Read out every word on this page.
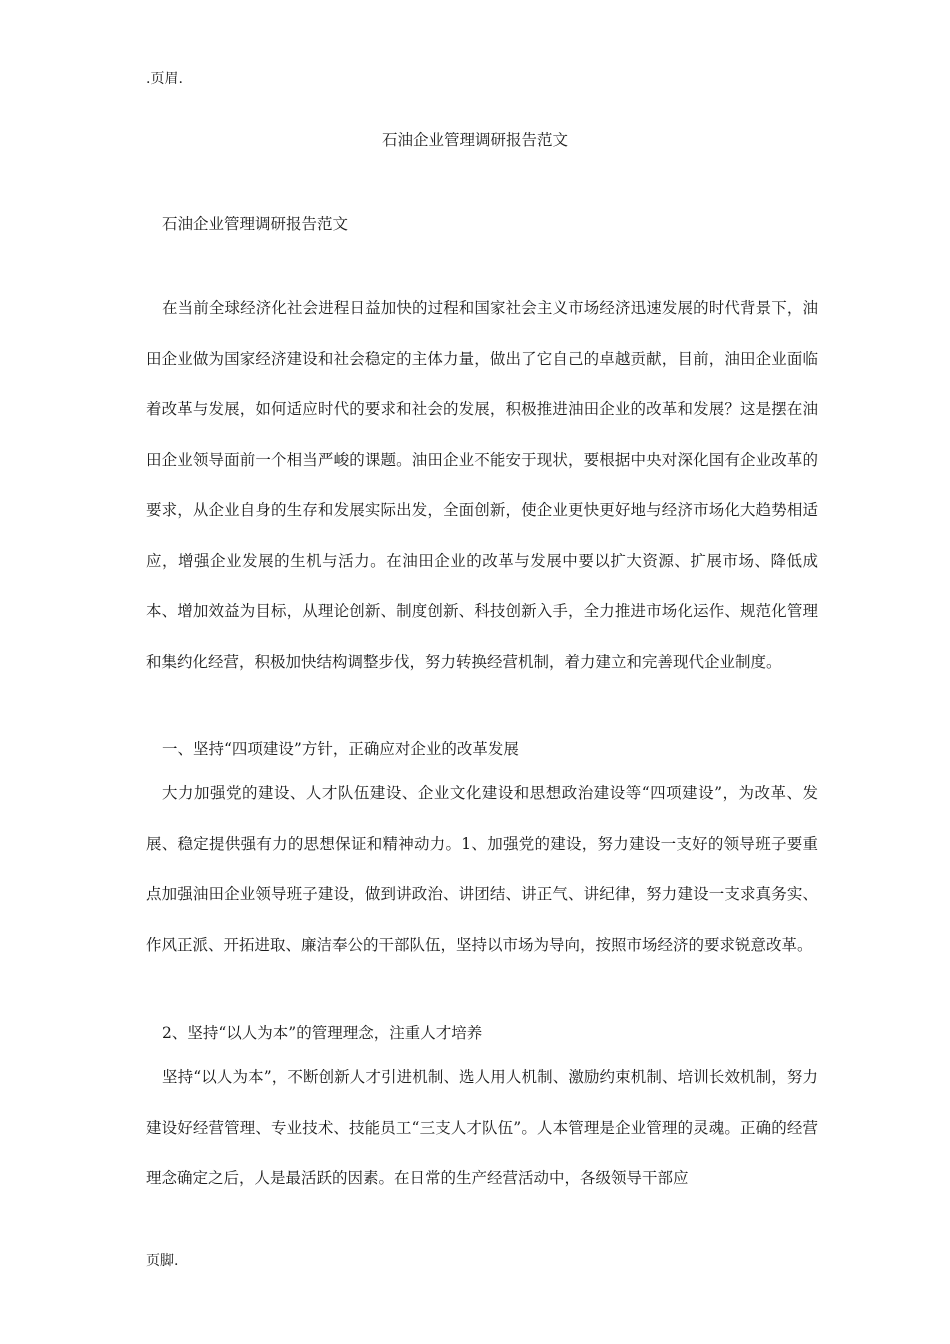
.页眉.
石油企业管理调研报告范文
石油企业管理调研报告范文

在当前全球经济化社会进程日益加快的过程和国家社会主义市场经济迅速发展的时代背景下，油田企业做为国家经济建设和社会稳定的主体力量，做出了它自己的卓越贡献，目前，油田企业面临着改革与发展，如何适应时代的要求和社会的发展，积极推进油田企业的改革和发展？这是摆在油田企业领导面前一个相当严峻的课题。油田企业不能安于现状，要根据中央对深化国有企业改革的要求，从企业自身的生存和发展实际出发，全面创新，使企业更快更好地与经济市场化大趋势相适应，增强企业发展的生机与活力。在油田企业的改革与发展中要以扩大资源、扩展市场、降低成本、增加效益为目标，从理论创新、制度创新、科技创新入手，全力推进市场化运作、规范化管理和集约化经营，积极加快结构调整步伐，努力转换经营机制，着力建立和完善现代企业制度。

一、坚持“四项建设”方针，正确应对企业的改革发展

大力加强党的建设、人才队伍建设、企业文化建设和思想政治建设等“四项建设”，为改革、发展、稳定提供强有力的思想保证和精神动力。1、加强党的建设，努力建设一支好的领导班子要重点加强油田企业领导班子建设，做到讲政治、讲团结、讲正气、讲纪律，努力建设一支求真务实、作风正派、开拓进取、廉洁奉公的干部队伍，坚持以市场为导向，按照市场经济的要求锐意改革。

2、坚持“以人为本”的管理理念，注重人才培养

坚持“以人为本”，不断创新人才引进机制、选人用人机制、激励约束机制、培训长效机制，努力建设好经营管理、专业技术、技能员工“三支人才队伍”。人本管理是企业管理的灵魂。正确的经营理念确定之后，人是最活跃的因素。在日常的生产经营活动中，各级领导干部应

页脚.
